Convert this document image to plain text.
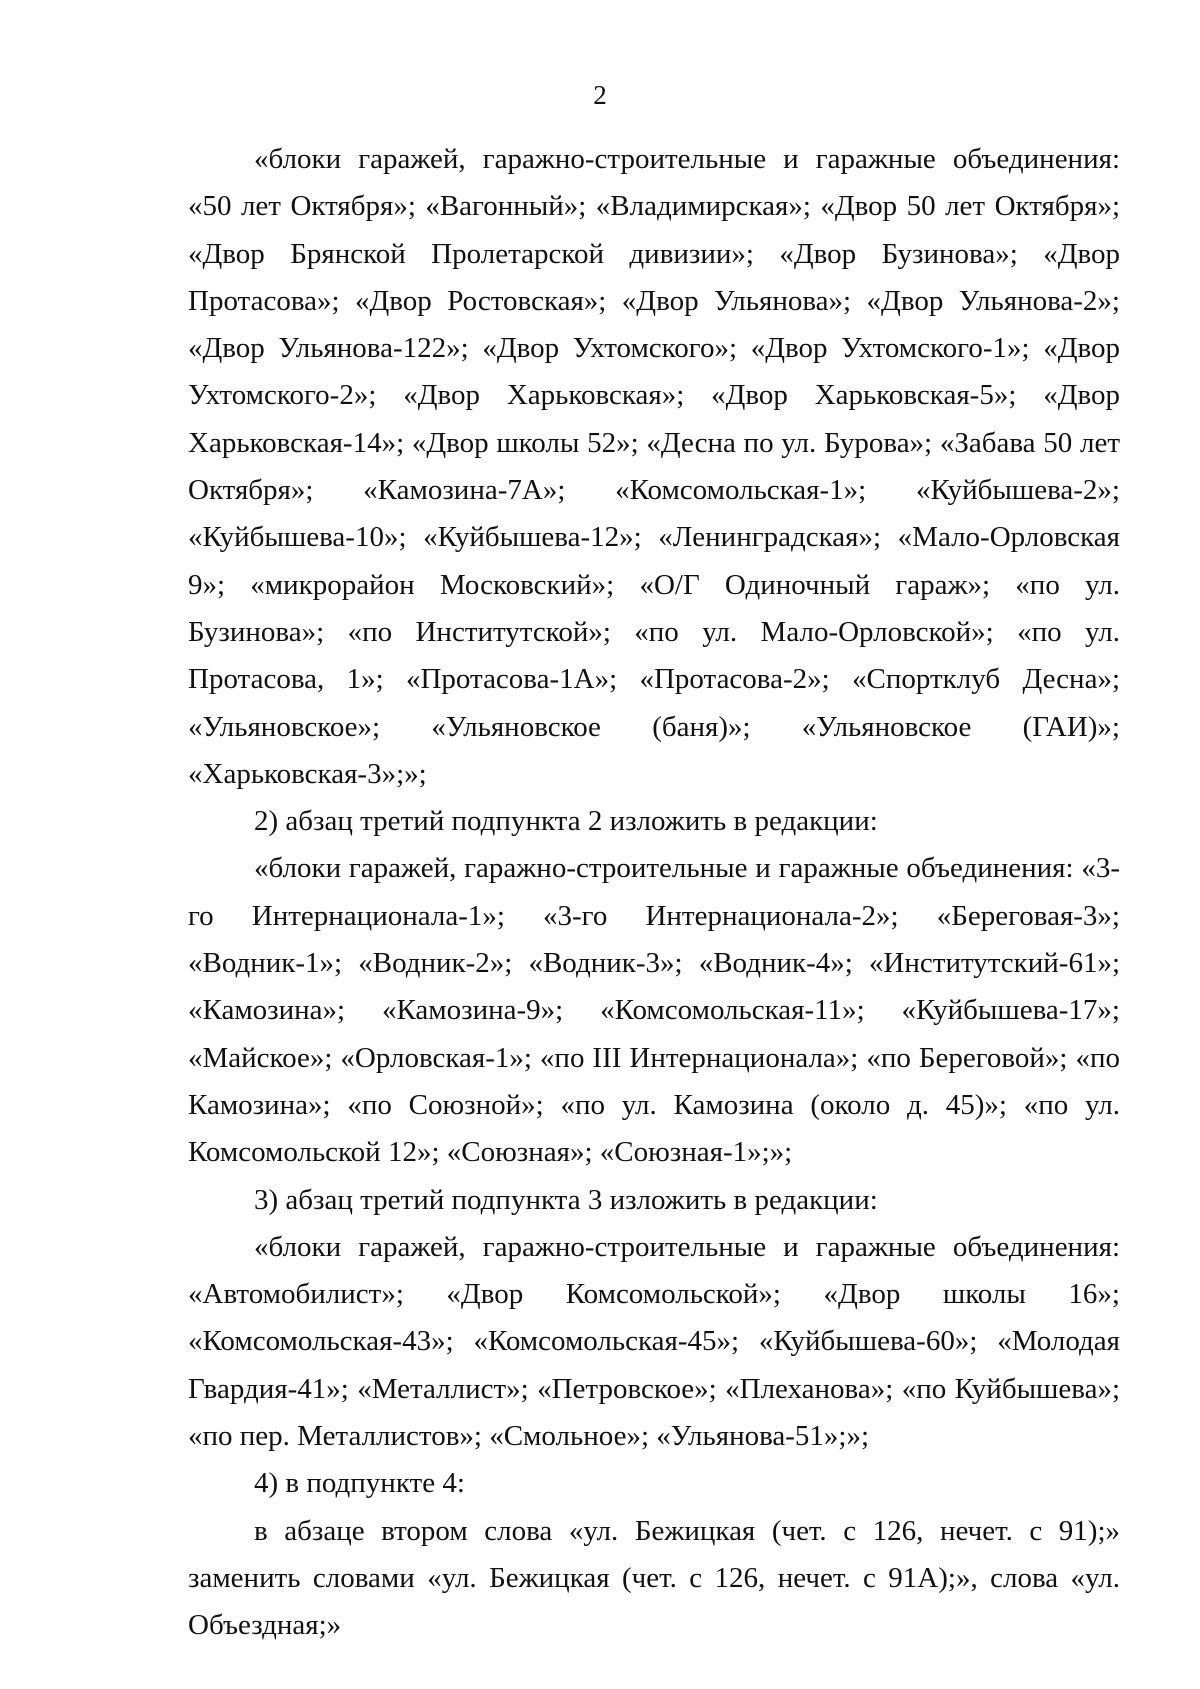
2

«блоки гаражей, гаражно-строительные и гаражные объединения: «50 лет Октября»; «Вагонный»; «Владимирская»; «Двор 50 лет Октября»; «Двор Брянской Пролетарской дивизии»; «Двор Бузинова»; «Двор Протасова»; «Двор Ростовская»; «Двор Ульянова»; «Двор Ульянова-2»; «Двор Ульянова-122»; «Двор Ухтомского»; «Двор Ухтомского-1»; «Двор Ухтомского-2»; «Двор Харьковская»; «Двор Харьковская-5»; «Двор Харьковская-14»; «Двор школы 52»; «Десна по ул. Бурова»; «Забава 50 лет Октября»; «Камозина-7А»; «Комсомольская-1»; «Куйбышева-2»; «Куйбышева-10»; «Куйбышева-12»; «Ленинградская»; «Мало-Орловская 9»; «микрорайон Московский»; «О/Г Одиночный гараж»; «по ул. Бузинова»; «по Институтской»; «по ул. Мало-Орловской»; «по ул. Протасова, 1»; «Протасова-1А»; «Протасова-2»; «Спортклуб Десна»; «Ульяновское»; «Ульяновское (баня)»; «Ульяновское (ГАИ)»; «Харьковская-3»;»;

2) абзац третий подпункта 2 изложить в редакции:

«блоки гаражей, гаражно-строительные и гаражные объединения: «3-го Интернационала-1»; «3-го Интернационала-2»; «Береговая-3»; «Водник-1»; «Водник-2»; «Водник-3»; «Водник-4»; «Институтский-61»; «Камозина»; «Камозина-9»; «Комсомольская-11»; «Куйбышева-17»; «Майское»; «Орловская-1»; «по III Интернационала»; «по Береговой»; «по Камозина»; «по Союзной»; «по ул. Камозина (около д. 45)»; «по ул. Комсомольской 12»; «Союзная»; «Союзная-1»;»;

3) абзац третий подпункта 3 изложить в редакции:

«блоки гаражей, гаражно-строительные и гаражные объединения: «Автомобилист»; «Двор Комсомольской»; «Двор школы 16»; «Комсомольская-43»; «Комсомольская-45»; «Куйбышева-60»; «Молодая Гвардия-41»; «Металлист»; «Петровское»; «Плеханова»; «по Куйбышева»; «по пер. Металлистов»; «Смольное»; «Ульянова-51»;»;

4) в подпункте 4:

в абзаце втором слова «ул. Бежицкая (чет. с 126, нечет. с 91);» заменить словами «ул. Бежицкая (чет. с 126, нечет. с 91А);», слова «ул. Объездная;»
